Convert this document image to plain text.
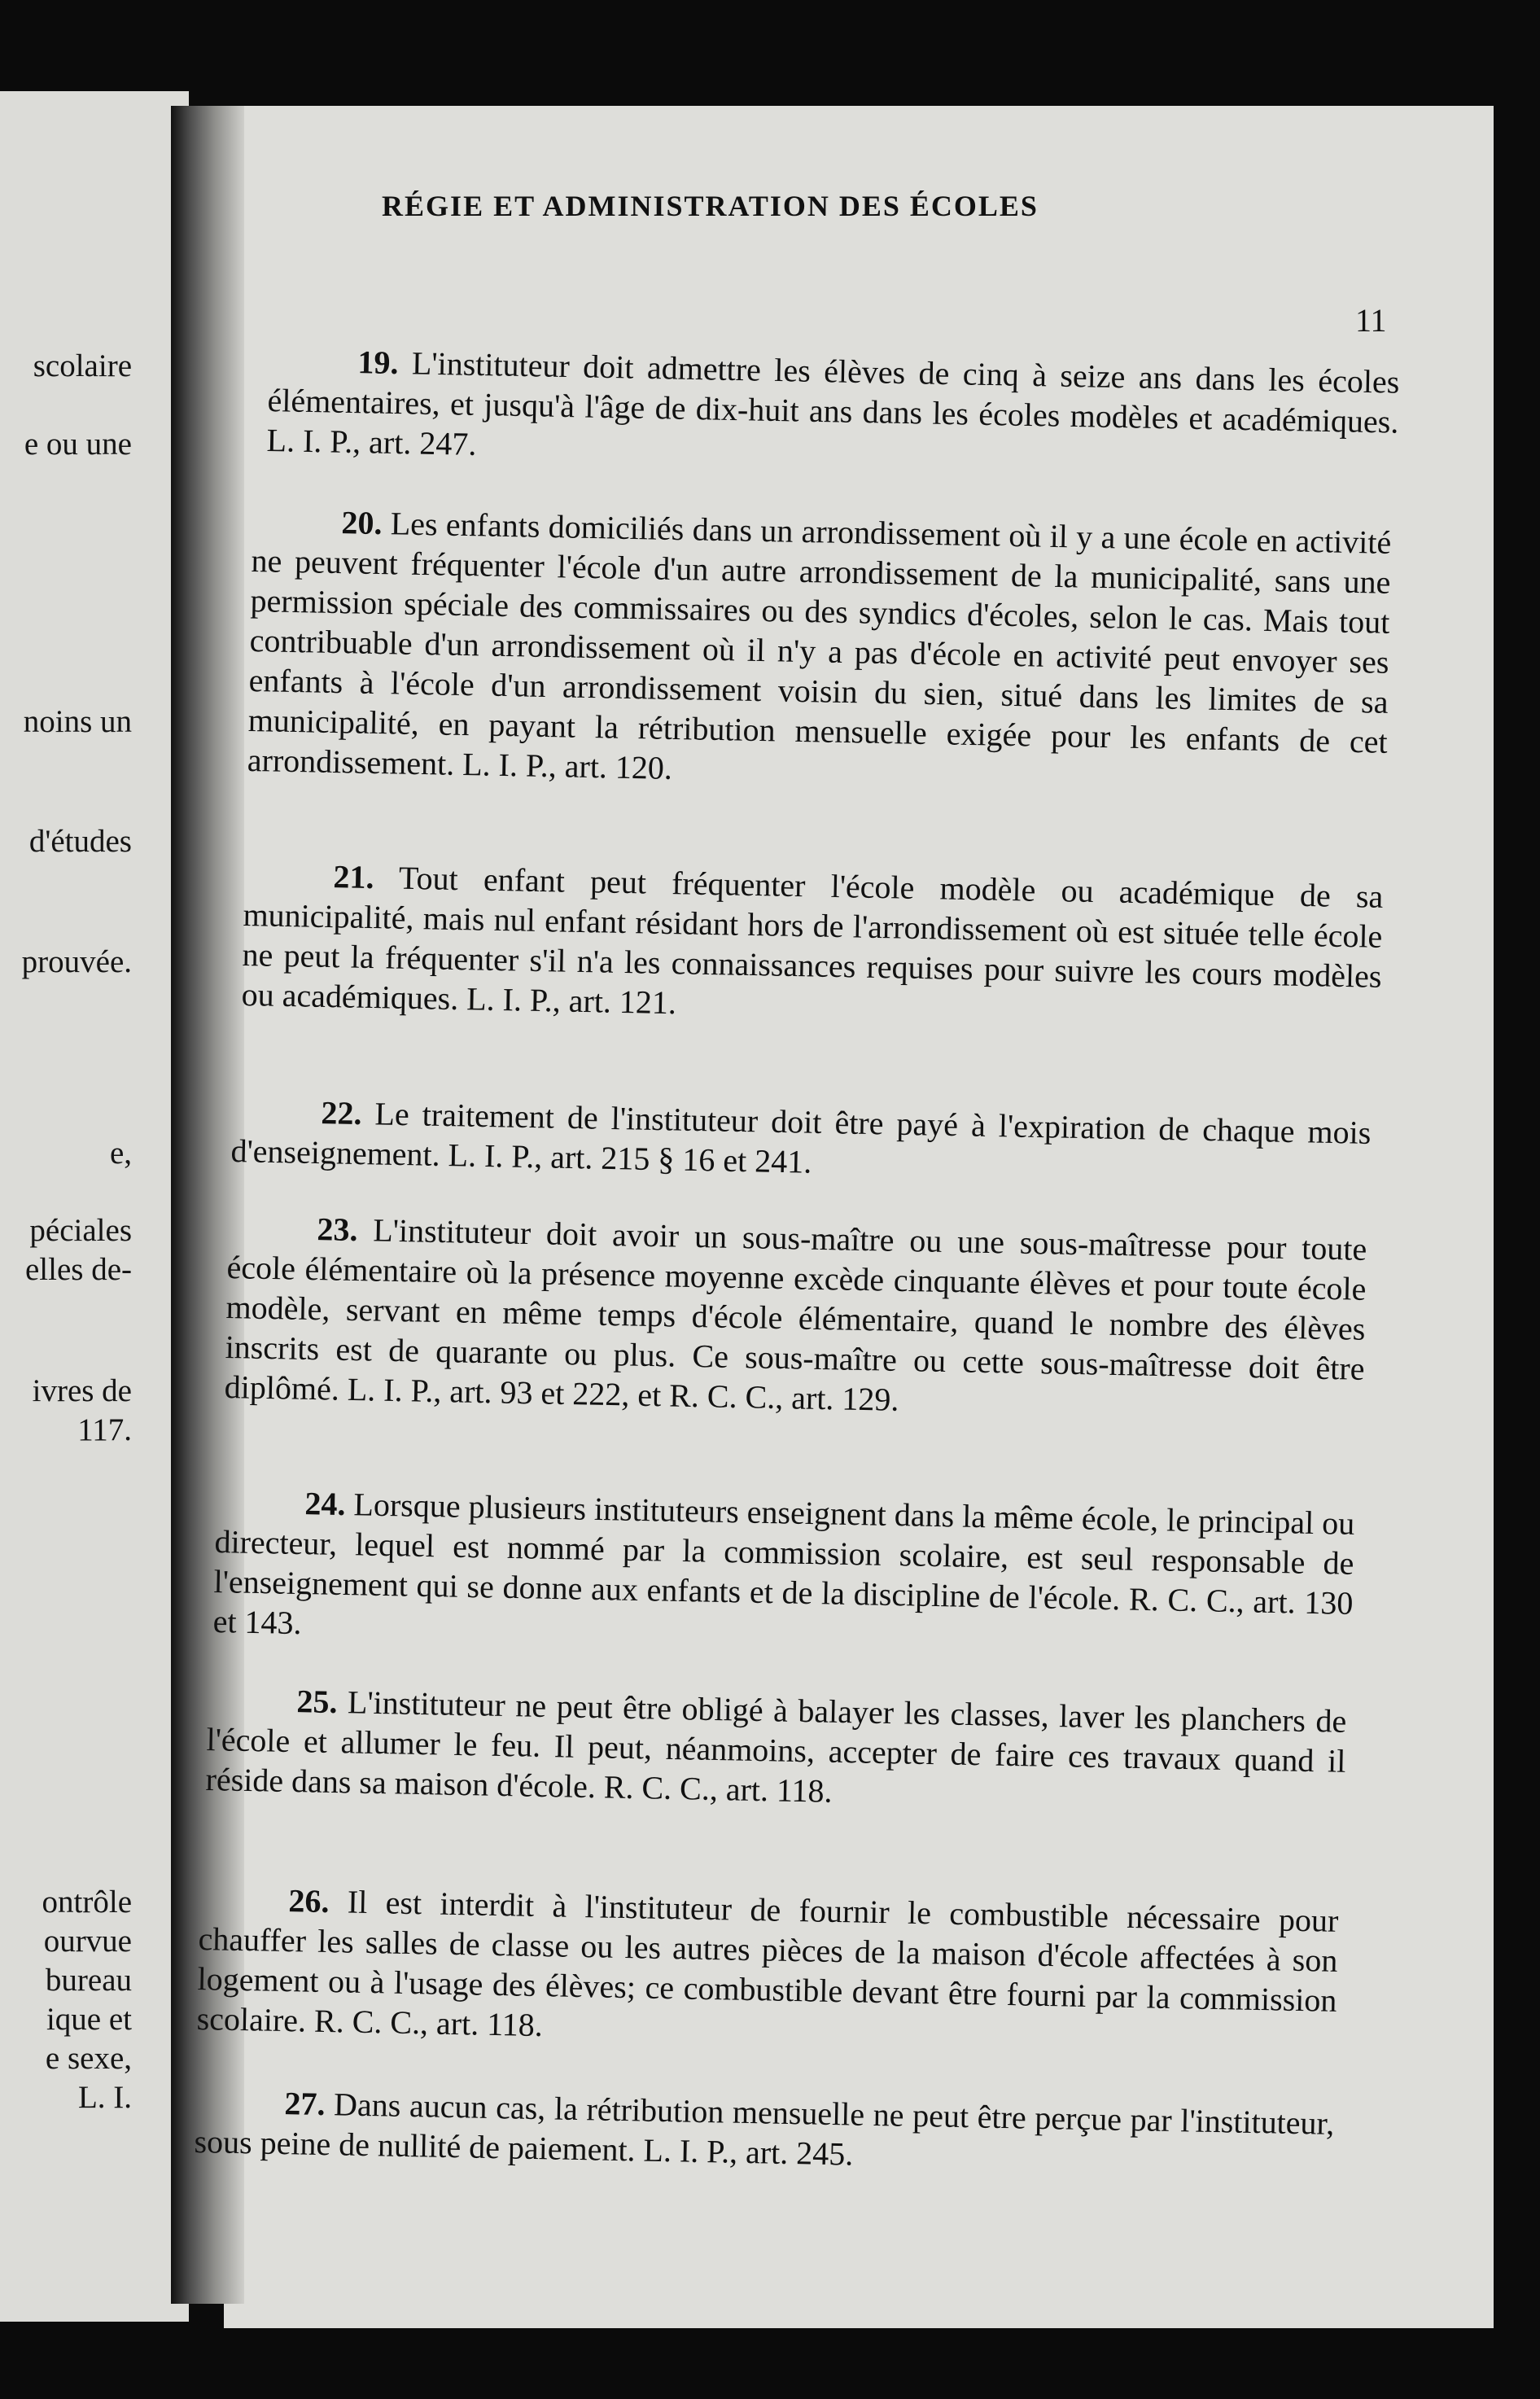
scolaire
e ou une
noins un
d'études
prouvée.
e,
péciales
elles de-
ivres de
117.
ontrôle
ourvue
bureau
ique et
e sexe,
L. I.
RÉGIE ET ADMINISTRATION DES ÉCOLES
11

19. L'instituteur doit admettre les élèves de cinq à seize ans dans les écoles élémentaires, et jusqu'à l'âge de dix-huit ans dans les écoles modèles et académiques. L. I. P., art. 247.

20. Les enfants domiciliés dans un arrondissement où il y a une école en activité ne peuvent fréquenter l'école d'un autre arrondissement de la municipalité, sans une permission spéciale des commissaires ou des syndics d'écoles, selon le cas. Mais tout contribuable d'un arrondissement où il n'y a pas d'école en activité peut envoyer ses enfants à l'école d'un arrondissement voisin du sien, situé dans les limites de sa municipalité, en payant la rétribution mensuelle exigée pour les enfants de cet arrondissement. L. I. P., art. 120.

21. Tout enfant peut fréquenter l'école modèle ou académique de sa municipalité, mais nul enfant résidant hors de l'arrondissement où est située telle école ne peut la fréquenter s'il n'a les connaissances requises pour suivre les cours modèles ou académiques. L. I. P., art. 121.

22. Le traitement de l'instituteur doit être payé à l'expiration de chaque mois d'enseignement. L. I. P., art. 215 § 16 et 241.

23. L'instituteur doit avoir un sous-maître ou une sous-maîtresse pour toute école élémentaire où la présence moyenne excède cinquante élèves et pour toute école modèle, servant en même temps d'école élémentaire, quand le nombre des élèves inscrits est de quarante ou plus. Ce sous-maître ou cette sous-maîtresse doit être diplômé. L. I. P., art. 93 et 222, et R. C. C., art. 129.

24. Lorsque plusieurs instituteurs enseignent dans la même école, le principal ou directeur, lequel est nommé par la commission scolaire, est seul responsable de l'enseignement qui se donne aux enfants et de la discipline de l'école. R. C. C., art. 130 et 143.

25. L'instituteur ne peut être obligé à balayer les classes, laver les planchers de l'école et allumer le feu. Il peut, néanmoins, accepter de faire ces travaux quand il réside dans sa maison d'école. R. C. C., art. 118.

26. Il est interdit à l'instituteur de fournir le combustible nécessaire pour chauffer les salles de classe ou les autres pièces de la maison d'école affectées à son logement ou à l'usage des élèves; ce combustible devant être fourni par la commission scolaire. R. C. C., art. 118.

27. Dans aucun cas, la rétribution mensuelle ne peut être perçue par l'instituteur, sous peine de nullité de paiement. L. I. P., art. 245.
